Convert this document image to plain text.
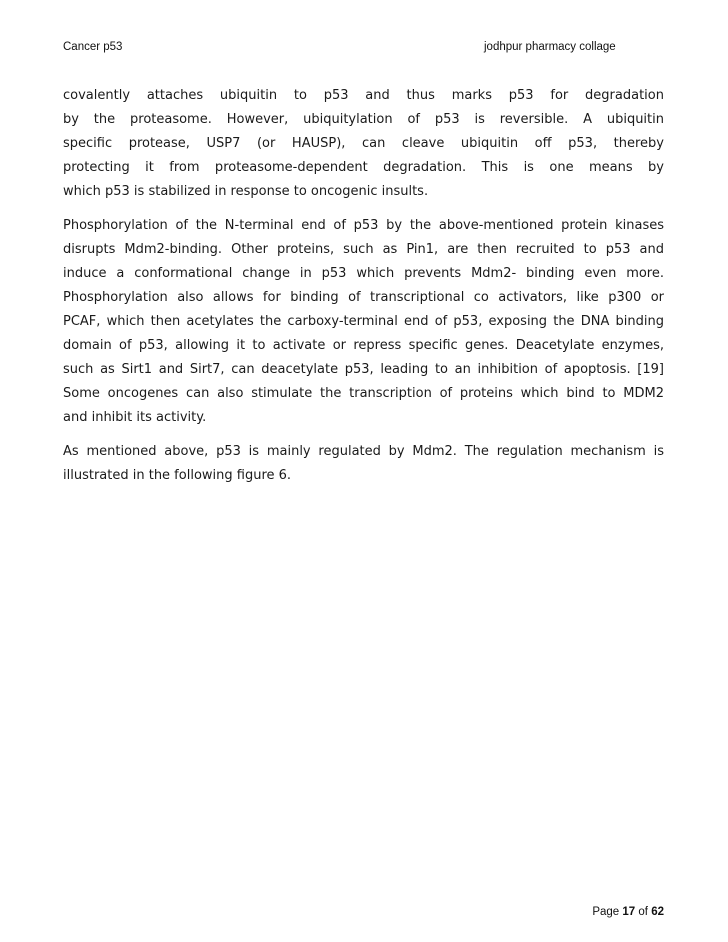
Cancer p53	jodhpur pharmacy collage
covalently attaches ubiquitin to p53 and thus marks p53 for degradation
by the proteasome. However, ubiquitylation of p53 is reversible. A ubiquitin
specific protease, USP7 (or HAUSP), can cleave ubiquitin off p53, thereby
protecting it from proteasome-dependent degradation. This is one means by
which p53 is stabilized in response to oncogenic insults.
Phosphorylation of the N-terminal end of p53 by the above-mentioned protein kinases
disrupts Mdm2-binding. Other proteins, such as Pin1, are then recruited to p53 and
induce a conformational change in p53 which prevents Mdm2- binding even more.
Phosphorylation also allows for binding of transcriptional co activators, like p300 or
PCAF, which then acetylates the carboxy-terminal end of p53, exposing the DNA binding
domain of p53, allowing it to activate or repress specific genes. Deacetylate enzymes,
such as Sirt1 and Sirt7, can deacetylate p53, leading to an inhibition of apoptosis. [19]
Some oncogenes can also stimulate the transcription of proteins which bind to MDM2
and inhibit its activity.
As mentioned above, p53 is mainly regulated by Mdm2. The regulation mechanism is
illustrated in the following figure 6.
Page 17 of 62
